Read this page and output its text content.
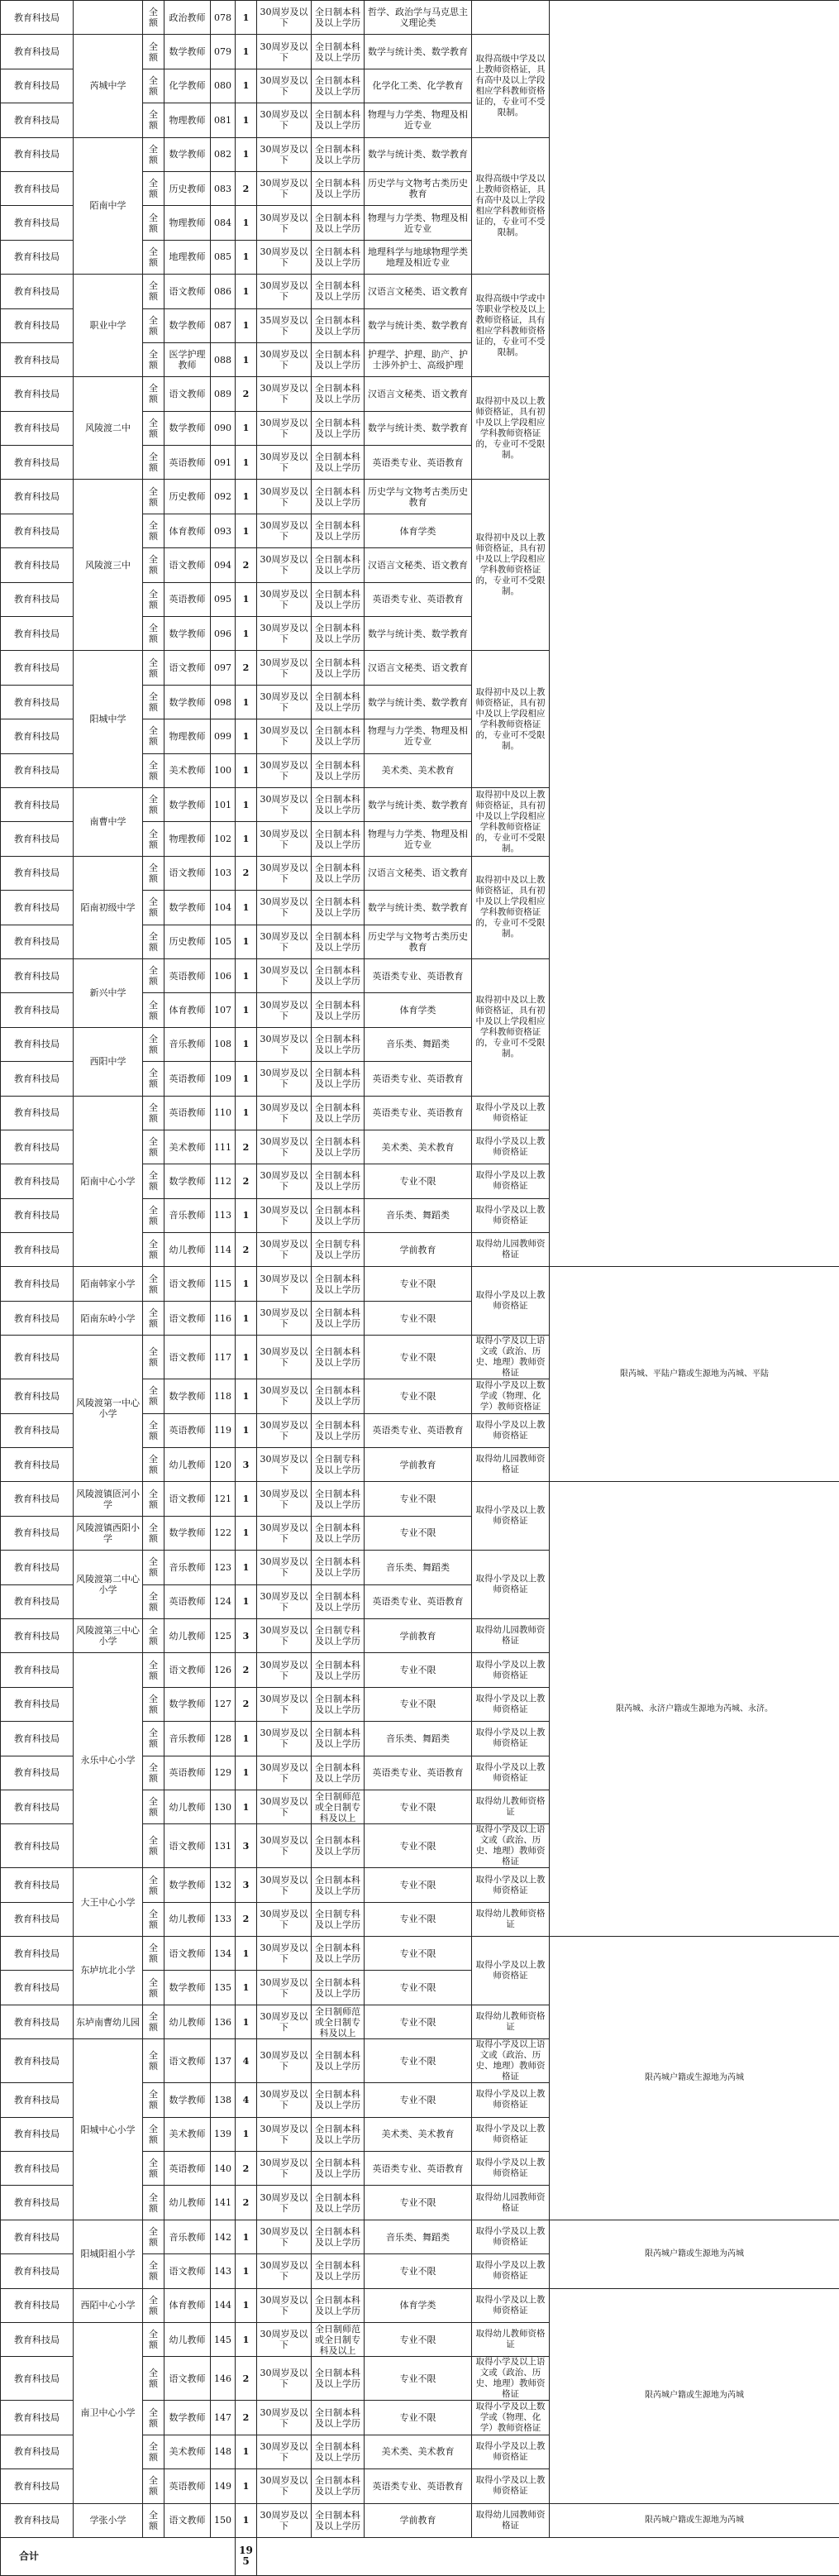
教育科技局		全额	政治教师	078	1	30周岁及以下	全日制本科及以上学历	哲学、政治学与马克思主义理论类		
教育科技局	芮城中学	全额	数学教师	079	1	30周岁及以下	全日制本科及以上学历	数学与统计类、数学教育	取得高级中学及以上教师资格证，具有高中及以上学段相应学科教师资格证的，专业可不受限制。	
教育科技局		全额	化学教师	080	1	30周岁及以下	全日制本科及以上学历	化学化工类、化学教育		
教育科技局		全额	物理教师	081	1	30周岁及以下	全日制本科及以上学历	物理与力学类、物理及相近专业		
教育科技局	陌南中学	全额	数学教师	082	1	30周岁及以下	全日制本科及以上学历	数学与统计类、数学教育	取得高级中学及以上教师资格证，具有高中及以上学段相应学科教师资格证的，专业可不受限制。	
教育科技局		全额	历史教师	083	2	30周岁及以下	全日制本科及以上学历	历史学与文物考古类历史教育		
教育科技局		全额	物理教师	084	1	30周岁及以下	全日制本科及以上学历	物理与力学类、物理及相近专业		
教育科技局		全额	地理教师	085	1	30周岁及以下	全日制本科及以上学历	地理科学与地球物理学类地理及相近专业		
教育科技局	职业中学	全额	语文教师	086	1	30周岁及以下	全日制本科及以上学历	汉语言文秘类、语文教育	取得高级中学或中等职业学校及以上教师资格证，具有相应学科教师资格证的，专业可不受限制。	
教育科技局		全额	数学教师	087	1	35周岁及以下	全日制本科及以上学历	数学与统计类、数学教育		
教育科技局		全额	医学护理教师	088	1	30周岁及以下	全日制本科及以上学历	护理学、护理、助产、护士涉外护士、高级护理		
教育科技局	风陵渡二中	全额	语文教师	089	2	30周岁及以下	全日制本科及以上学历	汉语言文秘类、语文教育	取得初中及以上教师资格证，具有初中及以上学段相应学科教师资格证的，专业可不受限制。	
教育科技局		全额	数学教师	090	1	30周岁及以下	全日制本科及以上学历	数学与统计类、数学教育		
教育科技局		全额	英语教师	091	1	30周岁及以下	全日制本科及以上学历	英语类专业、英语教育		
教育科技局	风陵渡三中	全额	历史教师	092	1	30周岁及以下	全日制本科及以上学历	历史学与文物考古类历史教育	取得初中及以上教师资格证，具有初中及以上学段相应学科教师资格证的，专业可不受限制。	
教育科技局		全额	体育教师	093	1	30周岁及以下	全日制本科及以上学历	体育学类		
教育科技局		全额	语文教师	094	2	30周岁及以下	全日制本科及以上学历	汉语言文秘类、语文教育		
教育科技局		全额	英语教师	095	1	30周岁及以下	全日制本科及以上学历	英语类专业、英语教育		
教育科技局		全额	数学教师	096	1	30周岁及以下	全日制本科及以上学历	数学与统计类、数学教育		
教育科技局	阳城中学	全额	语文教师	097	2	30周岁及以下	全日制本科及以上学历	汉语言文秘类、语文教育	取得初中及以上教师资格证，具有初中及以上学段相应学科教师资格证的，专业可不受限制。	
教育科技局		全额	数学教师	098	1	30周岁及以下	全日制本科及以上学历	数学与统计类、数学教育		
教育科技局		全额	物理教师	099	1	30周岁及以下	全日制本科及以上学历	物理与力学类、物理及相近专业		
教育科技局		全额	美术教师	100	1	30周岁及以下	全日制本科及以上学历	美术类、美术教育		
教育科技局	南曹中学	全额	数学教师	101	1	30周岁及以下	全日制本科及以上学历	数学与统计类、数学教育	取得初中及以上教师资格证，具有初中及以上学段相应学科教师资格证的，专业可不受限制。	
教育科技局		全额	物理教师	102	1	30周岁及以下	全日制本科及以上学历	物理与力学类、物理及相近专业		
教育科技局	陌南初级中学	全额	语文教师	103	2	30周岁及以下	全日制本科及以上学历	汉语言文秘类、语文教育	取得初中及以上教师资格证，具有初中及以上学段相应学科教师资格证的，专业可不受限制。	
教育科技局		全额	数学教师	104	1	30周岁及以下	全日制本科及以上学历	数学与统计类、数学教育		
教育科技局		全额	历史教师	105	1	30周岁及以下	全日制本科及以上学历	历史学与文物考古类历史教育		
教育科技局	新兴中学	全额	英语教师	106	1	30周岁及以下	全日制本科及以上学历	英语类专业、英语教育	取得初中及以上教师资格证，具有初中及以上学段相应学科教师资格证的，专业可不受限制。	
教育科技局		全额	体育教师	107	1	30周岁及以下	全日制本科及以上学历	体育学类		
教育科技局	西阳中学	全额	音乐教师	108	1	30周岁及以下	全日制本科及以上学历	音乐类、舞蹈类		
教育科技局		全额	英语教师	109	1	30周岁及以下	全日制本科及以上学历	英语类专业、英语教育		
教育科技局	陌南中心小学	全额	英语教师	110	1	30周岁及以下	全日制本科及以上学历	英语类专业、英语教育	取得小学及以上教师资格证	
教育科技局		全额	美术教师	111	2	30周岁及以下	全日制本科及以上学历	美术类、美术教育	取得小学及以上教师资格证	
教育科技局		全额	数学教师	112	2	30周岁及以下	全日制本科及以上学历	专业不限	取得小学及以上教师资格证	
教育科技局		全额	音乐教师	113	1	30周岁及以下	全日制本科及以上学历	音乐类、舞蹈类	取得小学及以上教师资格证	
教育科技局		全额	幼儿教师	114	2	30周岁及以下	全日制专科及以上学历	学前教育	取得幼儿园教师资格证	
教育科技局	陌南韩家小学	全额	语文教师	115	1	30周岁及以下	全日制本科及以上学历	专业不限	取得小学及以上教师资格证	限芮城、平陆户籍或生源地为芮城、平陆
教育科技局	陌南东岭小学	全额	语文教师	116	1	30周岁及以下	全日制本科及以上学历	专业不限		
教育科技局	风陵渡第一中心小学	全额	语文教师	117	1	30周岁及以下	全日制本科及以上学历	专业不限	取得小学及以上语文或（政治、历史、地理）教师资格证	
教育科技局		全额	数学教师	118	1	30周岁及以下	全日制本科及以上学历	专业不限	取得小学及以上数学或（物理、化学）教师资格证	
教育科技局		全额	英语教师	119	1	30周岁及以下	全日制本科及以上学历	英语类专业、英语教育	取得小学及以上教师资格证	
教育科技局		全额	幼儿教师	120	3	30周岁及以下	全日制专科及以上学历	学前教育	取得幼儿园教师资格证	
教育科技局	风陵渡镇匼河小学	全额	语文教师	121	1	30周岁及以下	全日制本科及以上学历	专业不限	取得小学及以上教师资格证	限芮城、永济户籍或生源地为芮城、永济。
教育科技局	风陵渡镇西阳小学	全额	数学教师	122	1	30周岁及以下	全日制本科及以上学历	专业不限		
教育科技局	风陵渡第二中心小学	全额	音乐教师	123	1	30周岁及以下	全日制本科及以上学历	音乐类、舞蹈类	取得小学及以上教师资格证	
教育科技局		全额	英语教师	124	1	30周岁及以下	全日制本科及以上学历	英语类专业、英语教育		
教育科技局	风陵渡第三中心小学	全额	幼儿教师	125	3	30周岁及以下	全日制专科及以上学历	学前教育	取得幼儿园教师资格证	
教育科技局	永乐中心小学	全额	语文教师	126	2	30周岁及以下	全日制本科及以上学历	专业不限	取得小学及以上教师资格证	
教育科技局		全额	数学教师	127	2	30周岁及以下	全日制本科及以上学历	专业不限	取得小学及以上教师资格证	
教育科技局		全额	音乐教师	128	1	30周岁及以下	全日制本科及以上学历	音乐类、舞蹈类	取得小学及以上教师资格证	
教育科技局		全额	英语教师	129	1	30周岁及以下	全日制本科及以上学历	英语类专业、英语教育	取得小学及以上教师资格证	
教育科技局		全额	幼儿教师	130	1	30周岁及以下	全日制师范或全日制专科及以上	专业不限	取得幼儿教师资格证	
教育科技局		全额	语文教师	131	3	30周岁及以下	全日制本科及以上学历	专业不限	取得小学及以上语文或（政治、历史、地理）教师资格证	
教育科技局	大王中心小学	全额	数学教师	132	3	30周岁及以下	全日制本科及以上学历	专业不限	取得小学及以上教师资格证	
教育科技局		全额	幼儿教师	133	2	30周岁及以下	全日制专科及以上学历	专业不限	取得幼儿教师资格证	
教育科技局	东垆坑北小学	全额	语文教师	134	1	30周岁及以下	全日制本科及以上学历	专业不限	取得小学及以上教师资格证	限芮城户籍或生源地为芮城
教育科技局		全额	数学教师	135	1	30周岁及以下	全日制本科及以上学历	专业不限		
教育科技局	东垆南曹幼儿园	全额	幼儿教师	136	1	30周岁及以下	全日制师范或全日制专科及以上	专业不限	取得幼儿教师资格证	
教育科技局	阳城中心小学	全额	语文教师	137	4	30周岁及以下	全日制本科及以上学历	专业不限	取得小学及以上语文或（政治、历史、地理）教师资格证	
教育科技局		全额	数学教师	138	4	30周岁及以下	全日制本科及以上学历	专业不限	取得小学及以上教师资格证	
教育科技局		全额	美术教师	139	1	30周岁及以下	全日制本科及以上学历	美术类、美术教育	取得小学及以上教师资格证	
教育科技局		全额	英语教师	140	2	30周岁及以下	全日制本科及以上学历	英语类专业、英语教育	取得小学及以上教师资格证	
教育科技局		全额	幼儿教师	141	2	30周岁及以下	全日制本科及以上学历	专业不限	取得幼儿园教师资格证	
教育科技局	阳城阳祖小学	全额	音乐教师	142	1	30周岁及以下	全日制本科及以上学历	音乐类、舞蹈类	取得小学及以上教师资格证	限芮城户籍或生源地为芮城
教育科技局		全额	语文教师	143	1	30周岁及以下	全日制本科及以上学历	专业不限	取得小学及以上教师资格证	
教育科技局	西陌中心小学	全额	体育教师	144	1	30周岁及以下	全日制本科及以上学历	体育学类	取得小学及以上教师资格证	限芮城户籍或生源地为芮城
教育科技局	南卫中心小学	全额	幼儿教师	145	1	30周岁及以下	全日制师范或全日制专科及以上	专业不限	取得幼儿教师资格证	
教育科技局		全额	语文教师	146	2	30周岁及以下	全日制本科及以上学历	专业不限	取得小学及以上语文或（政治、历史、地理）教师资格证	
教育科技局		全额	数学教师	147	2	30周岁及以下	全日制本科及以上学历	专业不限	取得小学及以上数学或（物理、化学）教师资格证	
教育科技局		全额	美术教师	148	1	30周岁及以下	全日制本科及以上学历	美术类、美术教育	取得小学及以上教师资格证	
教育科技局		全额	英语教师	149	1	30周岁及以下	全日制本科及以上学历	英语类专业、英语教育	取得小学及以上教师资格证	
教育科技局	学张小学	全额	语文教师	150	1	30周岁及以下	全日制本科及以上学历	学前教育	取得幼儿园教师资格证	限芮城户籍或生源地为芮城
合计					195					
